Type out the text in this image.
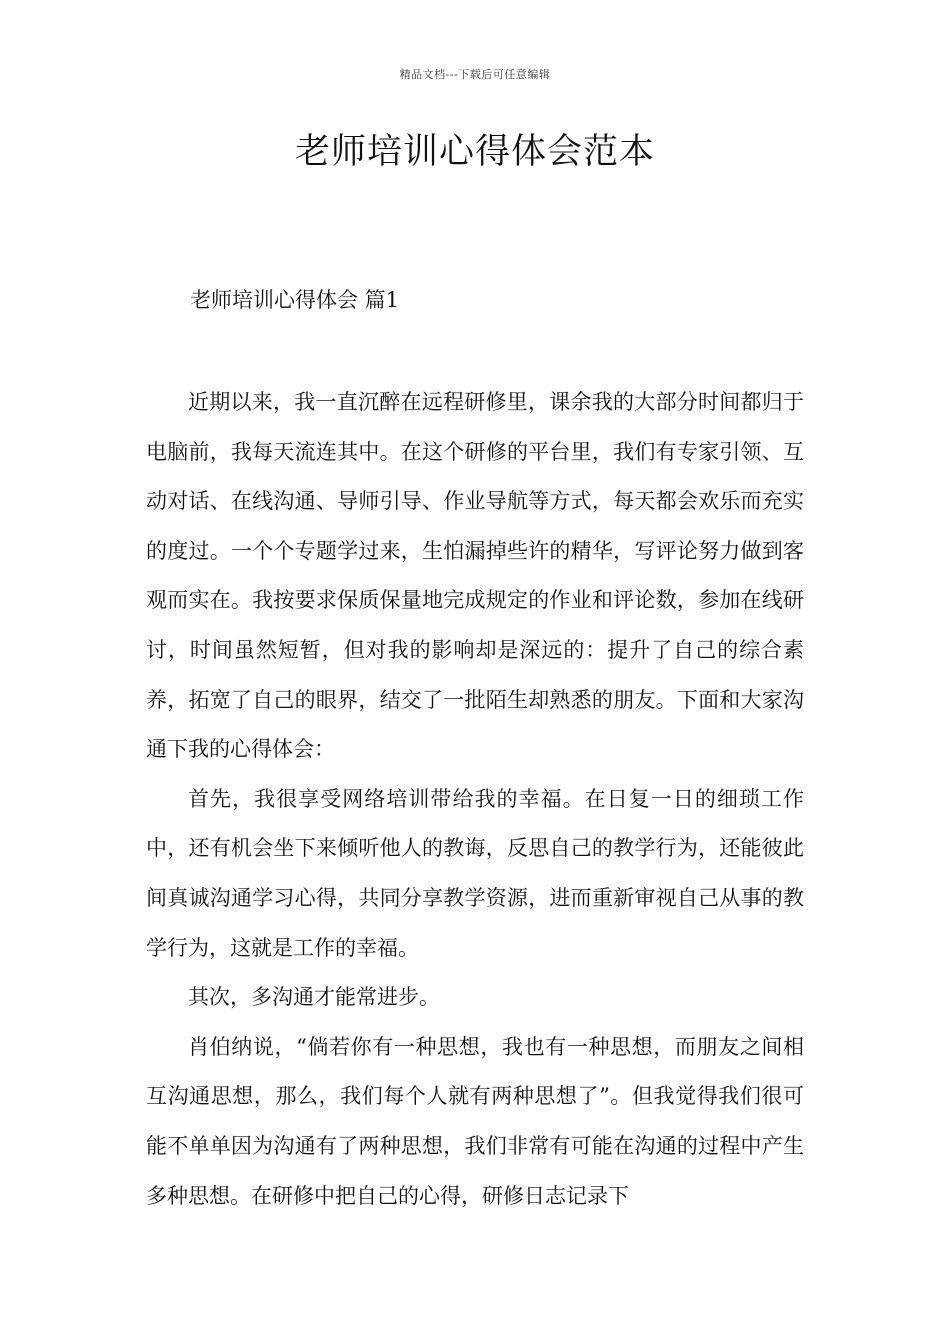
精品文档---下载后可任意编辑
老师培训心得体会范本
老师培训心得体会 篇1

近期以来，我一直沉醉在远程研修里，课余我的大部分时间都归于电脑前，我每天流连其中。在这个研修的平台里，我们有专家引领、互动对话、在线沟通、导师引导、作业导航等方式，每天都会欢乐而充实的度过。一个个专题学过来，生怕漏掉些许的精华，写评论努力做到客观而实在。我按要求保质保量地完成规定的作业和评论数，参加在线研讨，时间虽然短暂，但对我的影响却是深远的：提升了自己的综合素养，拓宽了自己的眼界，结交了一批陌生却熟悉的朋友。下面和大家沟通下我的心得体会：

首先，我很享受网络培训带给我的幸福。在日复一日的细琐工作中，还有机会坐下来倾听他人的教诲，反思自己的教学行为，还能彼此间真诚沟通学习心得，共同分享教学资源，进而重新审视自己从事的教学行为，这就是工作的幸福。

其次，多沟通才能常进步。

肖伯纳说，“倘若你有一种思想，我也有一种思想，而朋友之间相互沟通思想，那么，我们每个人就有两种思想了”。但我觉得我们很可能不单单因为沟通有了两种思想，我们非常有可能在沟通的过程中产生多种思想。在研修中把自己的心得，研修日志记录下
